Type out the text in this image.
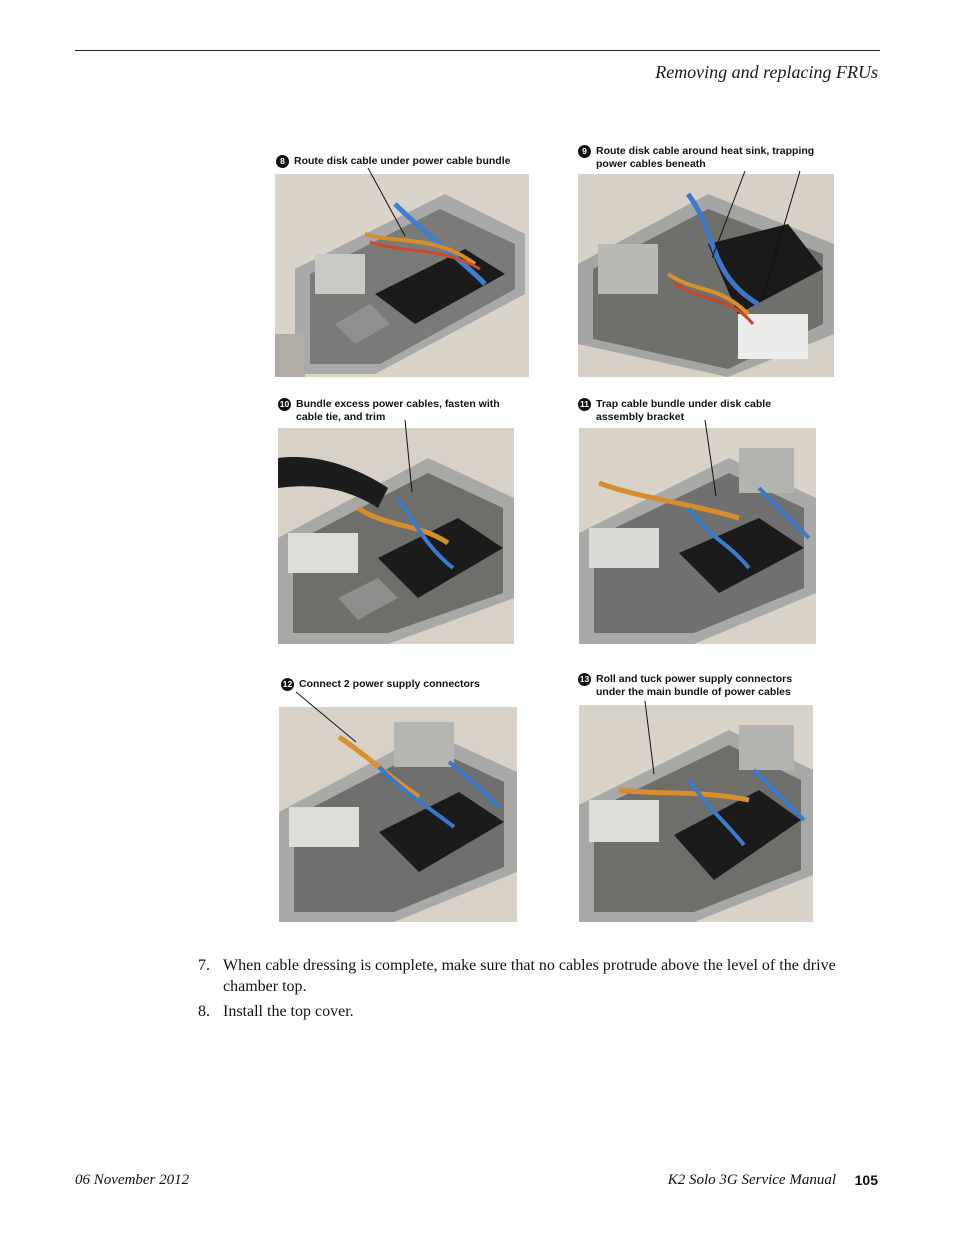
Removing and replacing FRUs
8 Route disk cable under power cable bundle
9 Route disk cable around heat sink, trapping
power cables beneath
10 Bundle excess power cables, fasten with
cable tie, and trim
11 Trap cable bundle under disk cable
assembly bracket
12 Connect 2 power supply connectors	13 Roll and tuck power supply connectors
under the main bundle of power cables
7. When cable dressing is complete, make sure that no cables protrude above the level of the drive chamber top.
8. Install the top cover.
06 November 2012	K2 Solo 3G Service Manual 105
